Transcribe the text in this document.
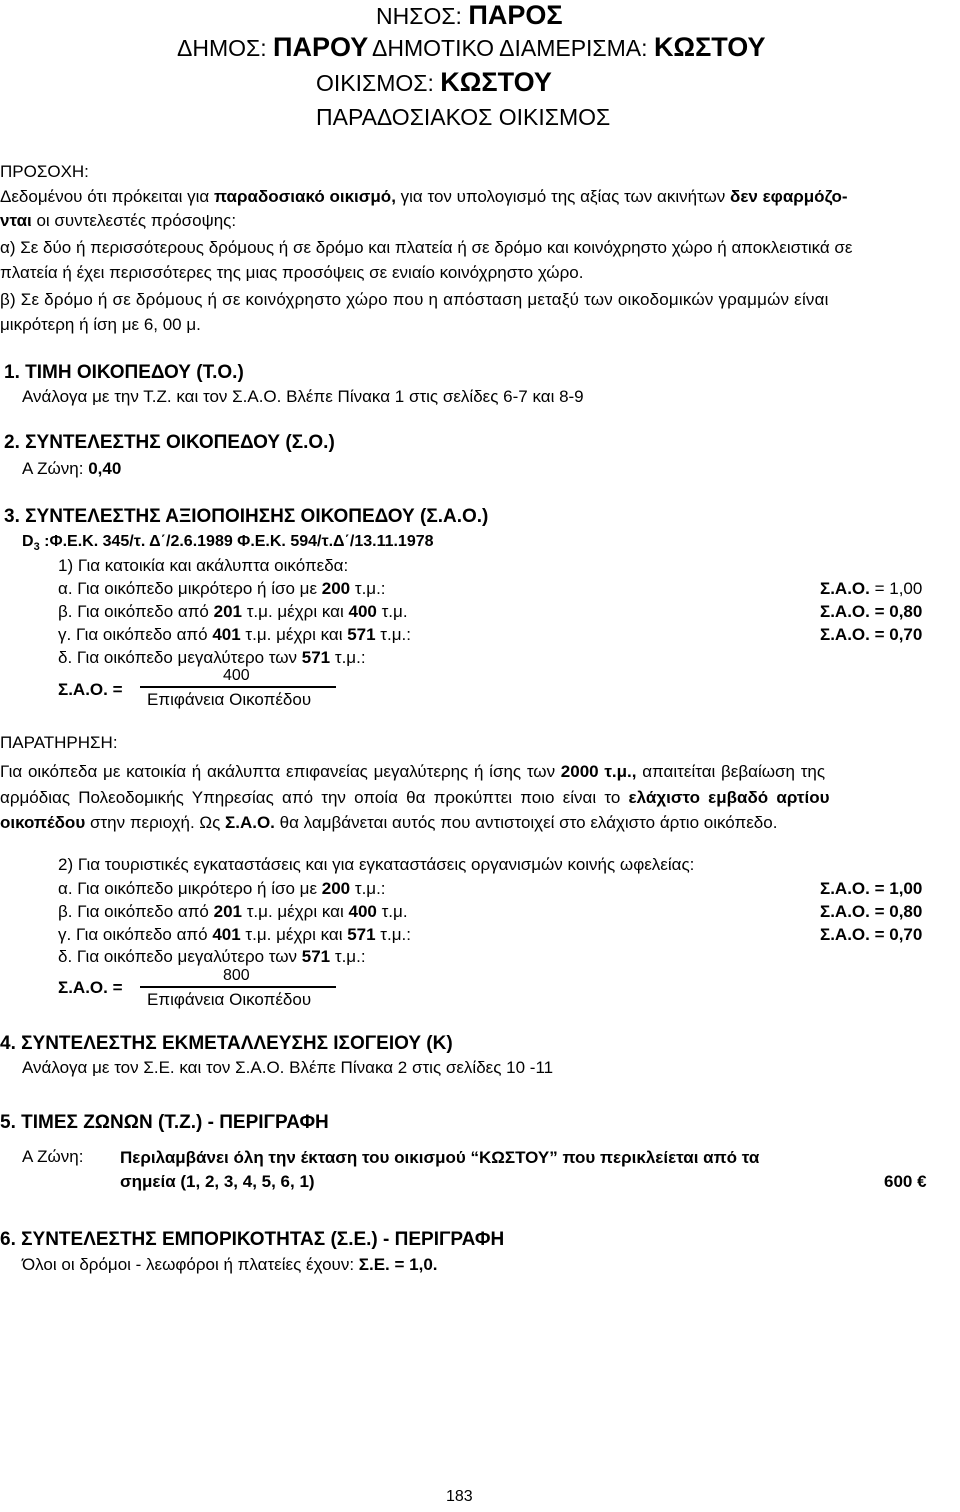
ΝΗΣΟΣ: ΠΑΡΟΣ
ΔΗΜΟΣ: ΠΑΡΟΥ ΔΗΜΟΤΙΚΟ ΔΙΑΜΕΡΙΣΜΑ: ΚΩΣΤΟΥ
ΟΙΚΙΣΜΟΣ: ΚΩΣΤΟΥ
ΠΑΡΑΔΟΣΙΑΚΟΣ ΟΙΚΙΣΜΟΣ
ΠΡΟΣΟΧΗ:
Δεδομένου ότι πρόκειται για παραδοσιακό οικισμό, για τον υπολογισμό της αξίας των ακινήτων δεν εφαρμόζο-
νται οι συντελεστές πρόσοψης:
α) Σε δύο ή περισσότερους δρόμους ή σε δρόμο και πλατεία ή σε δρόμο και κοινόχρηστο χώρο ή αποκλειστικά σε
πλατεία ή έχει περισσότερες της μιας προσόψεις σε ενιαίο κοινόχρηστο χώρο.
β) Σε δρόμο ή σε δρόμους ή σε κοινόχρηστο χώρο που η απόσταση μεταξύ των οικοδομικών γραμμών είναι
μικρότερη ή ίση με 6, 00 μ.
1. ΤΙΜΗ ΟΙΚΟΠΕΔΟΥ (Τ.Ο.)
Ανάλογα με την Τ.Ζ. και τον Σ.Α.Ο. Βλέπε Πίνακα 1 στις σελίδες 6-7 και 8-9
2. ΣΥΝΤΕΛΕΣΤΗΣ ΟΙΚΟΠΕΔΟΥ (Σ.Ο.)
Α Ζώνη: 0,40
3. ΣΥΝΤΕΛΕΣΤΗΣ ΑΞΙΟΠΟΙΗΣΗΣ ΟΙΚΟΠΕΔΟΥ (Σ.Α.Ο.)
$D_3$ :Φ.Ε.Κ. 345/τ. Δ΄/2.6.1989 Φ.Ε.Κ. 594/τ.Δ΄/13.11.1978
1) Για κατοικία και ακάλυπτα οικόπεδα:
α. Για οικόπεδο μικρότερο ή ίσο με 200 τ.μ.:	Σ.Α.Ο. = 1,00
β. Για οικόπεδο από 201 τ.μ. μέχρι και 400 τ.μ.	Σ.Α.Ο. = 0,80
γ. Για οικόπεδο από 401 τ.μ. μέχρι και 571 τ.μ.:	Σ.Α.Ο. = 0,70
δ. Για οικόπεδο μεγαλύτερο των 571 τ.μ.:
Σ.Α.Ο. =
400
Επιφάνεια Οικοπέδου
ΠΑΡΑΤΗΡΗΣΗ:
Για οικόπεδα με κατοικία ή ακάλυπτα επιφανείας μεγαλύτερης ή ίσης των 2000 τ.μ., απαιτείται βεβαίωση της
αρμόδιας Πολεοδομικής Υπηρεσίας από την οποία θα προκύπτει ποιο είναι το ελάχιστο εμβαδό αρτίου
οικοπέδου στην περιοχή. Ως Σ.Α.Ο. θα λαμβάνεται αυτός που αντιστοιχεί στο ελάχιστο άρτιο οικόπεδο.
2) Για τουριστικές εγκαταστάσεις και για εγκαταστάσεις οργανισμών κοινής ωφελείας:
α. Για οικόπεδο μικρότερο ή ίσο με 200 τ.μ.:	Σ.Α.Ο. = 1,00
β. Για οικόπεδο από 201 τ.μ. μέχρι και 400 τ.μ.	Σ.Α.Ο. = 0,80
γ. Για οικόπεδο από 401 τ.μ. μέχρι και 571 τ.μ.:	Σ.Α.Ο. = 0,70
δ. Για οικόπεδο μεγαλύτερο των 571 τ.μ.:
Σ.Α.Ο. =
800
Επιφάνεια Οικοπέδου
4. ΣΥΝΤΕΛΕΣΤΗΣ ΕΚΜΕΤΑΛΛΕΥΣΗΣ ΙΣΟΓΕΙΟΥ (Κ)
Ανάλογα με τον Σ.Ε. και τον Σ.Α.Ο. Βλέπε Πίνακα 2 στις σελίδες 10 -11
5. ΤΙΜΕΣ ΖΩΝΩΝ (Τ.Ζ.) - ΠΕΡΙΓΡΑΦΗ
Α Ζώνη: Περιλαμβάνει όλη την έκταση του οικισμού “ΚΩΣΤΟΥ” που περικλείεται από τα
σημεία (1, 2, 3, 4, 5, 6, 1)	600 €
6. ΣΥΝΤΕΛΕΣΤΗΣ ΕΜΠΟΡΙΚΟΤΗΤΑΣ (Σ.Ε.) - ΠΕΡΙΓΡΑΦΗ
Όλοι οι δρόμοι - λεωφόροι ή πλατείες έχουν: Σ.Ε. = 1,0.
183
